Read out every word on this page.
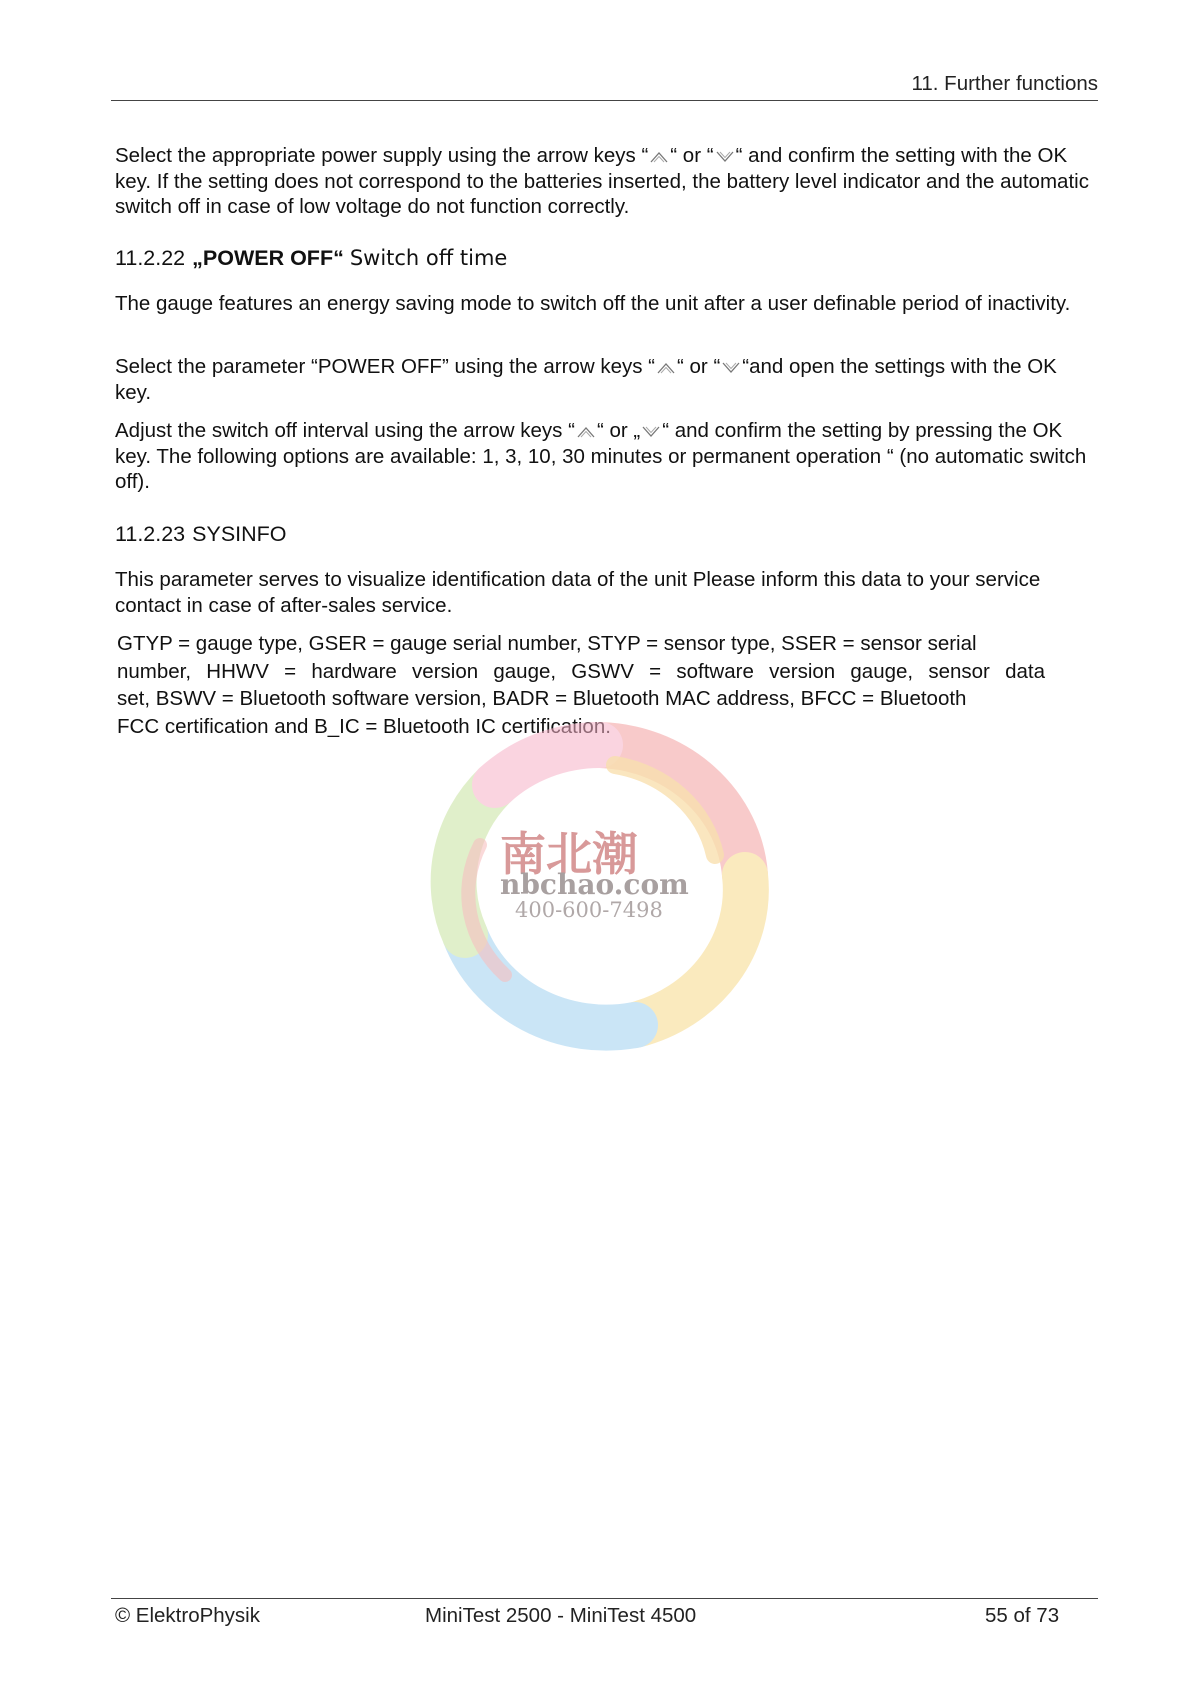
11. Further functions

Select the appropriate power supply using the arrow keys “ “ or “ “ and confirm the setting with the OK key. If the setting does not correspond to the batteries inserted, the battery level indicator and the automatic switch off in case of low voltage do not function correctly.

11.2.22 „POWER OFF“ Switch off time

The gauge features an energy saving mode to switch off the unit after a user definable period of inactivity.

Select the parameter “POWER OFF” using the arrow keys “ “ or “ “and open the settings with the OK key.

Adjust the switch off interval using the arrow keys “ “ or „ “ and confirm the setting by pressing the OK key. The following options are available: 1, 3, 10, 30 minutes or permanent operation “ (no automatic switch off).

11.2.23 SYSINFO

This parameter serves to visualize identification data of the unit Please inform this data to your service contact in case of after-sales service.

GTYP = gauge type, GSER = gauge serial number, STYP = sensor type, SSER = sensor serial
number, HHWV = hardware version gauge, GSWV = software version gauge, sensor data
set, BSWV = Bluetooth software version, BADR = Bluetooth MAC address, BFCC = Bluetooth
FCC certification and B_IC = Bluetooth IC certification.
南北潮
nbchao.com
400-600-7498
© ElektroPhysik	MiniTest 2500 - MiniTest 4500	55 of 73
